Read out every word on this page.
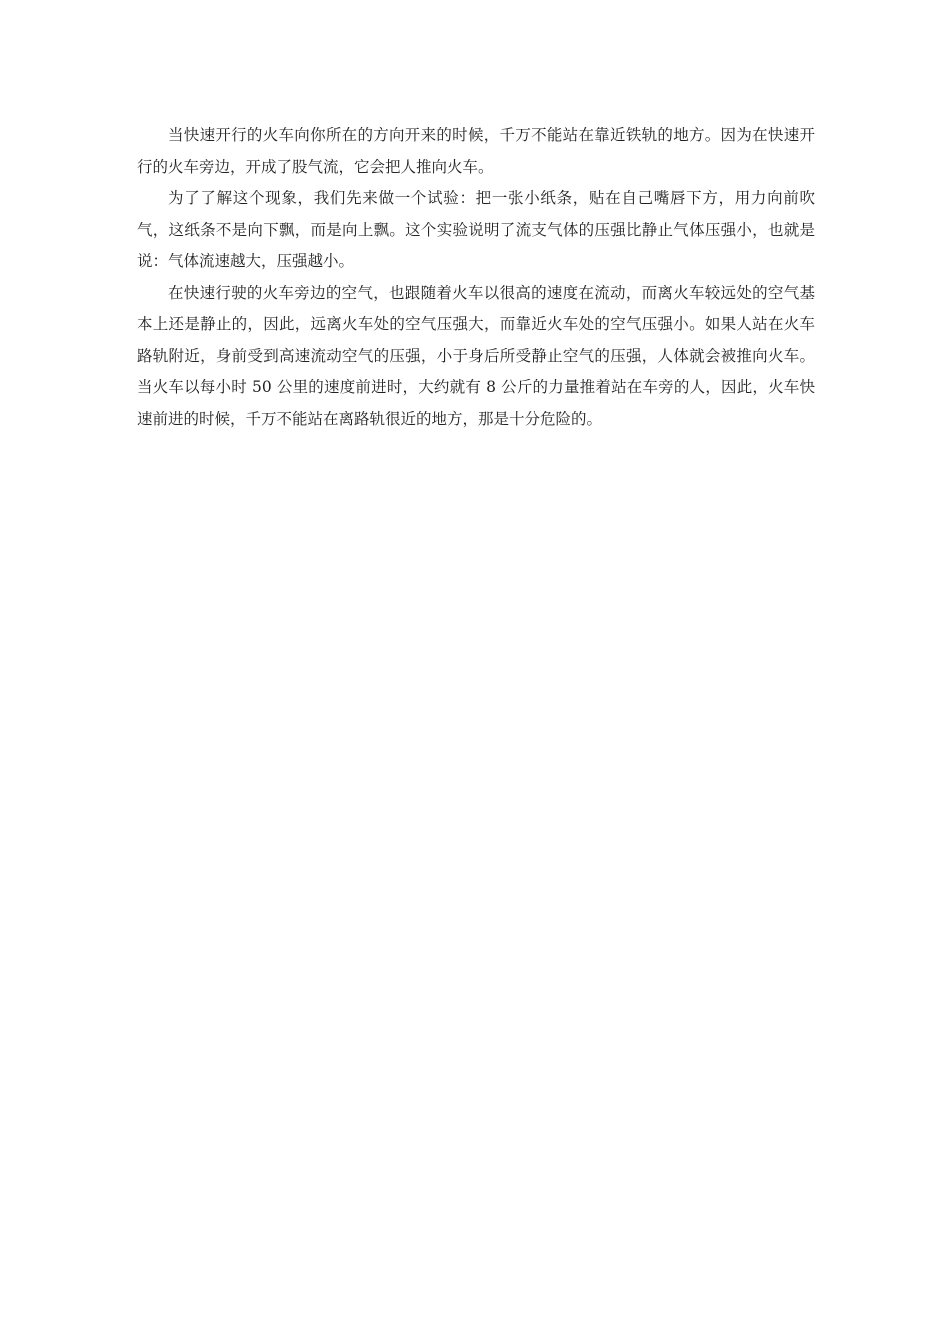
当快速开行的火车向你所在的方向开来的时候，千万不能站在靠近铁轨的地方。因为在快速开行的火车旁边，开成了股气流，它会把人推向火车。

为了了解这个现象，我们先来做一个试验：把一张小纸条，贴在自己嘴唇下方，用力向前吹气，这纸条不是向下飘，而是向上飘。这个实验说明了流支气体的压强比静止气体压强小，也就是说：气体流速越大，压强越小。

在快速行驶的火车旁边的空气，也跟随着火车以很高的速度在流动，而离火车较远处的空气基本上还是静止的，因此，远离火车处的空气压强大，而靠近火车处的空气压强小。如果人站在火车路轨附近，身前受到高速流动空气的压强，小于身后所受静止空气的压强，人体就会被推向火车。当火车以每小时 50 公里的速度前进时，大约就有 8 公斤的力量推着站在车旁的人，因此，火车快速前进的时候，千万不能站在离路轨很近的地方，那是十分危险的。
